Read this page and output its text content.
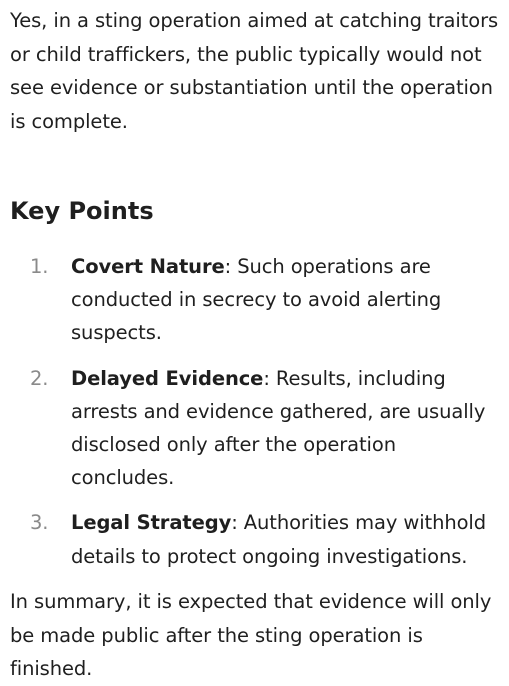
Yes, in a sting operation aimed at catching traitors or child traffickers, the public typically would not see evidence or substantiation until the operation is complete.

Key Points
1. Covert Nature: Such operations are conducted in secrecy to avoid alerting suspects.
2. Delayed Evidence: Results, including arrests and evidence gathered, are usually disclosed only after the operation concludes.
3. Legal Strategy: Authorities may withhold details to protect ongoing investigations.

In summary, it is expected that evidence will only be made public after the sting operation is finished.
